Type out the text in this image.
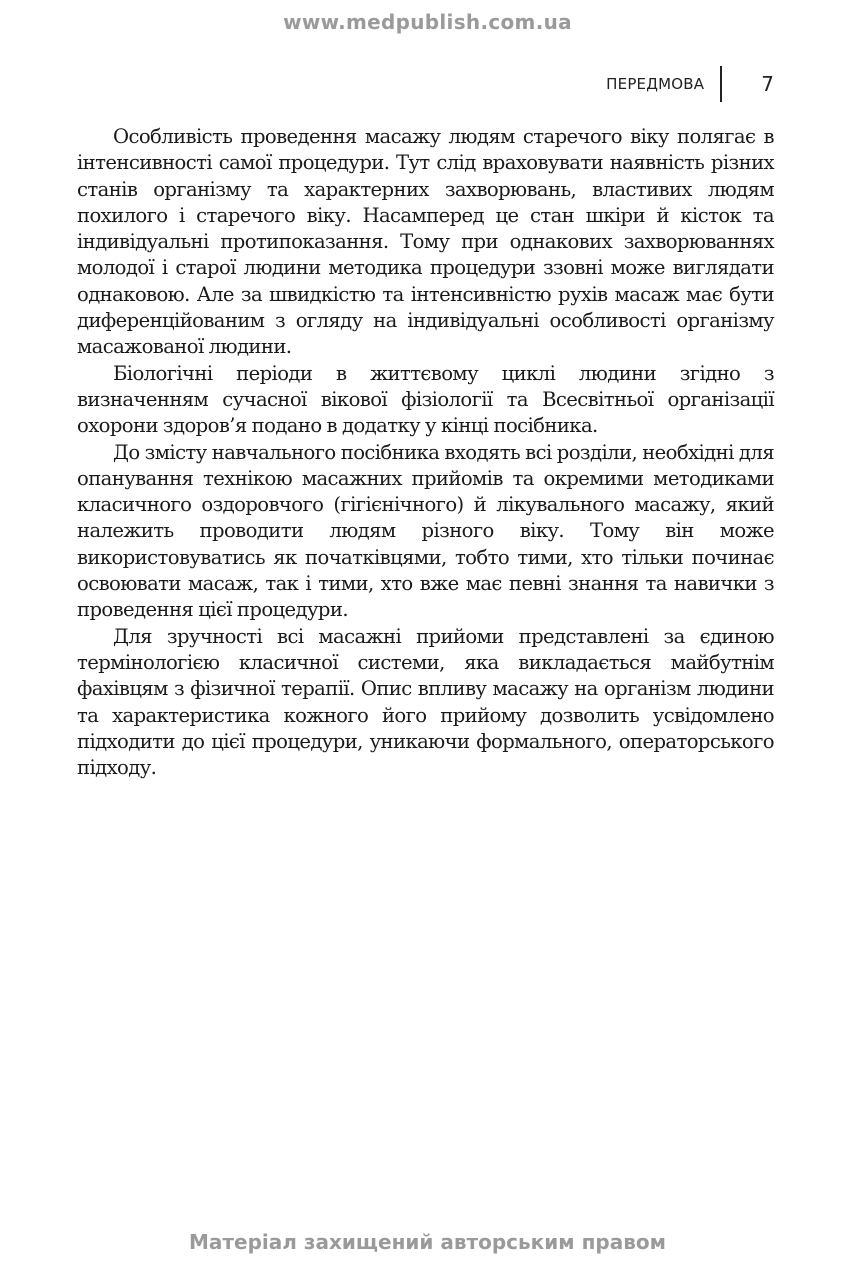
www.medpublish.com.ua
ПЕРЕДМОВА	7

Особливість проведення масажу людям старечого віку полягає в інтенсивності самої процедури. Тут слід враховувати наявність різних станів організму та характерних захворювань, властивих людям похилого і старечого віку. Насамперед це стан шкіри й кісток та індивідуальні протипоказання. Тому при однакових захворюваннях молодої і старої людини методика процедури ззовні може виглядати однаковою. Але за швидкістю та інтенсивністю рухів масаж має бути диференційованим з огляду на індивідуальні особливості організму масажованої людини.

Біологічні періоди в життєвому циклі людини згідно з визначенням сучасної вікової фізіології та Всесвітньої організації охорони здоров’я подано в додатку у кінці посібника.

До змісту навчального посібника входять всі розділи, необхідні для опанування технікою масажних прийомів та окремими методиками класичного оздоровчого (гігієнічного) й лікувального масажу, який належить проводити людям різного віку. Тому він може використовуватись як початківцями, тобто тими, хто тільки починає освоювати масаж, так і тими, хто вже має певні знання та навички з проведення цієї процедури.

Для зручності всі масажні прийоми представлені за єдиною термінологією класичної системи, яка викладається майбутнім фахівцям з фізичної терапії. Опис впливу масажу на організм людини та характеристика кожного його прийому дозволить усвідомлено підходити до цієї процедури, уникаючи формального, операторського підходу.

Матеріал захищений авторським правом
